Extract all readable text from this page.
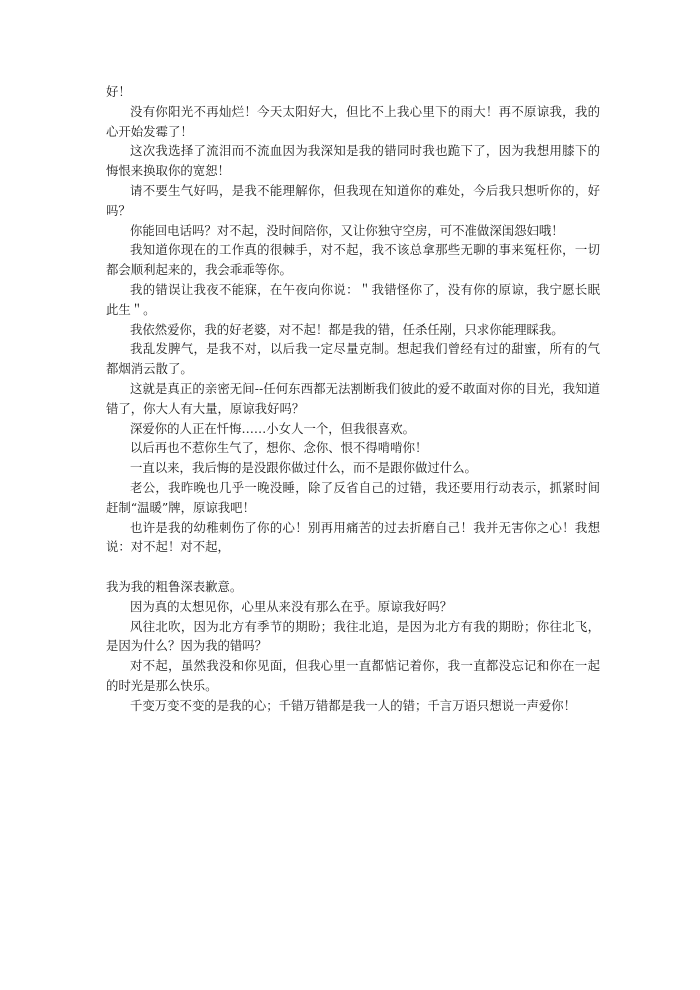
好！

没有你阳光不再灿烂！今天太阳好大，但比不上我心里下的雨大！再不原谅我，我的心开始发霉了！

这次我选择了流泪而不流血因为我深知是我的错同时我也跪下了，因为我想用膝下的悔恨来换取你的宽恕！

请不要生气好吗，是我不能理解你，但我现在知道你的难处，今后我只想听你的，好吗？

你能回电话吗？对不起，没时间陪你，又让你独守空房，可不准做深闺怨妇哦！

我知道你现在的工作真的很棘手，对不起，我不该总拿那些无聊的事来冤枉你，一切都会顺利起来的，我会乖乖等你。

我的错误让我夜不能寐，在午夜向你说：＂我错怪你了，没有你的原谅，我宁愿长眠此生＂。

我依然爱你，我的好老婆，对不起！都是我的错，任杀任剐，只求你能理睬我。

我乱发脾气，是我不对，以后我一定尽量克制。想起我们曾经有过的甜蜜，所有的气都烟消云散了。

这就是真正的亲密无间--任何东西都无法割断我们彼此的爱不敢面对你的目光，我知道错了，你大人有大量，原谅我好吗？

深爱你的人正在忏悔……小女人一个，但我很喜欢。

以后再也不惹你生气了，想你、念你、恨不得啃啃你！

一直以来，我后悔的是没跟你做过什么，而不是跟你做过什么。

老公，我昨晚也几乎一晚没睡，除了反省自己的过错，我还要用行动表示，抓紧时间赶制“温暖”牌，原谅我吧！

也许是我的幼稚刺伤了你的心！别再用痛苦的过去折磨自己！我并无害你之心！我想说：对不起！对不起，

我为我的粗鲁深表歉意。

因为真的太想见你，心里从来没有那么在乎。原谅我好吗？

风往北吹，因为北方有季节的期盼；我往北追，是因为北方有我的期盼；你往北飞，是因为什么？因为我的错吗？

对不起，虽然我没和你见面，但我心里一直都惦记着你，我一直都没忘记和你在一起的时光是那么快乐。

千变万变不变的是我的心；千错万错都是我一人的错；千言万语只想说一声爱你！
